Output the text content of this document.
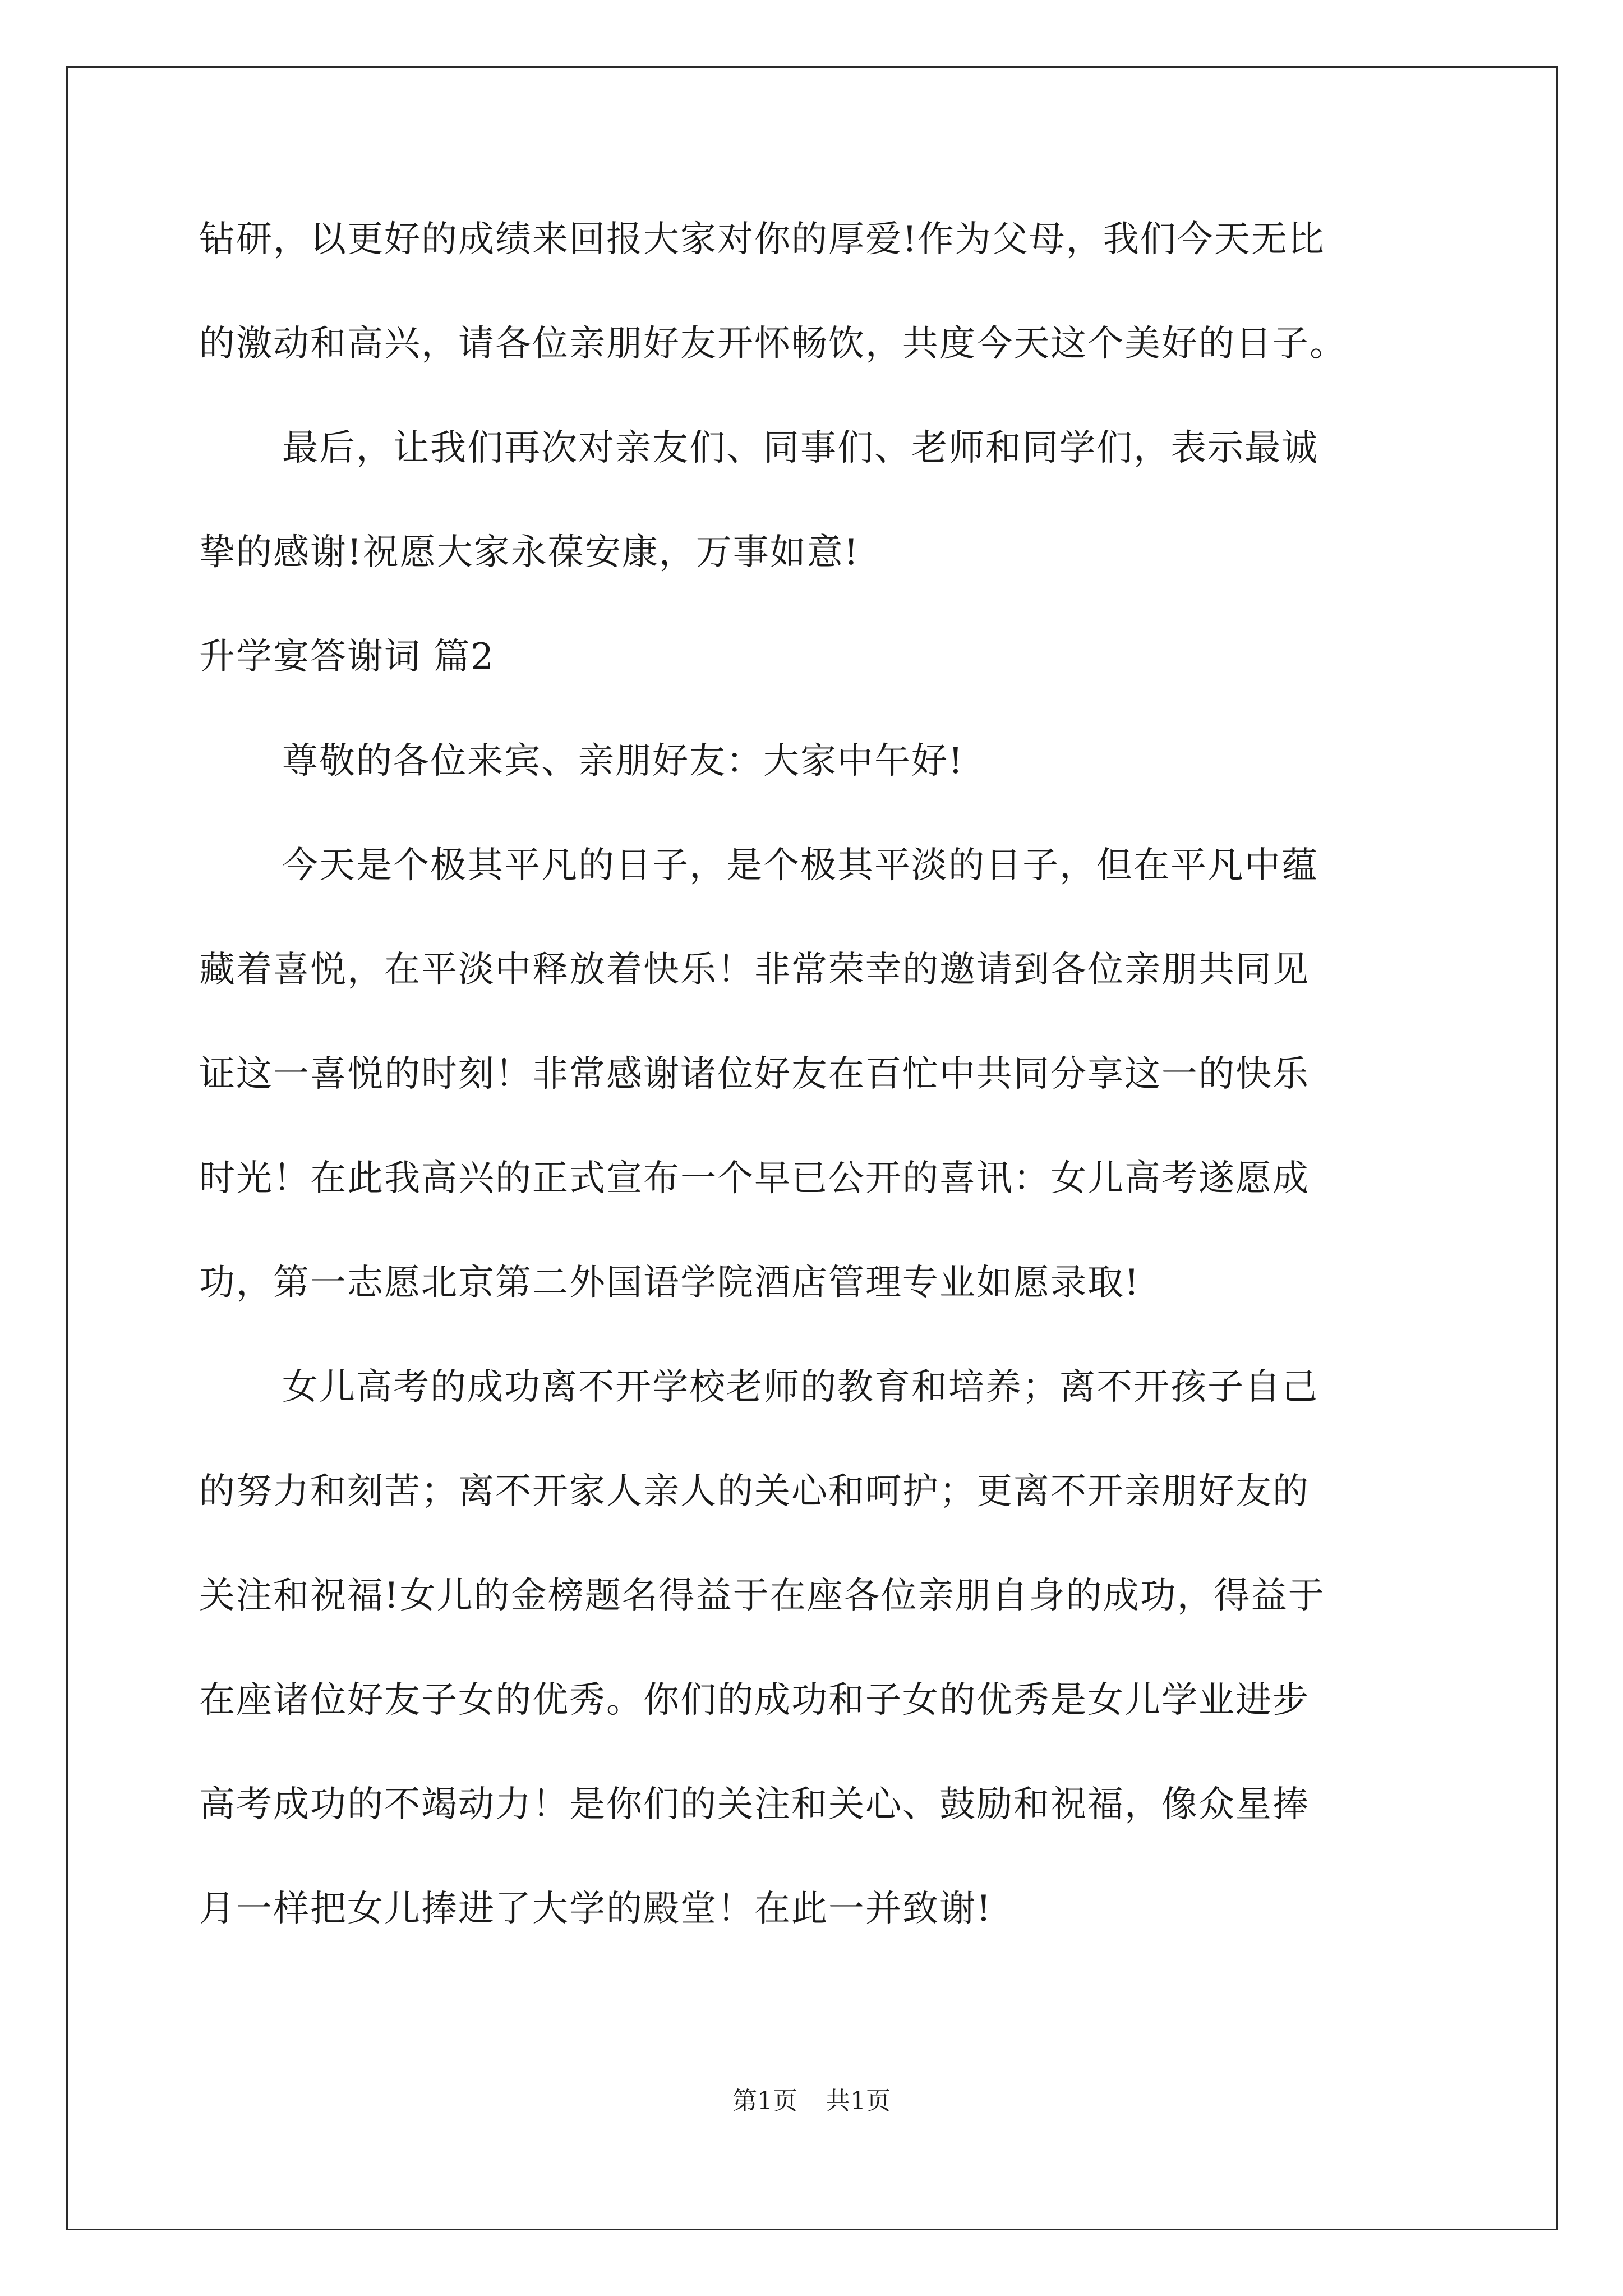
钻研，以更好的成绩来回报大家对你的厚爱!作为父母，我们今天无比
的激动和高兴，请各位亲朋好友开怀畅饮，共度今天这个美好的日子。
最后，让我们再次对亲友们、同事们、老师和同学们，表示最诚
挚的感谢!祝愿大家永葆安康，万事如意!
升学宴答谢词 篇2
尊敬的各位来宾、亲朋好友：大家中午好!
今天是个极其平凡的日子，是个极其平淡的日子，但在平凡中蕴
藏着喜悦，在平淡中释放着快乐！非常荣幸的邀请到各位亲朋共同见
证这一喜悦的时刻！非常感谢诸位好友在百忙中共同分享这一的快乐
时光！在此我高兴的正式宣布一个早已公开的喜讯：女儿高考遂愿成
功，第一志愿北京第二外国语学院酒店管理专业如愿录取!
女儿高考的成功离不开学校老师的教育和培养；离不开孩子自己
的努力和刻苦；离不开家人亲人的关心和呵护；更离不开亲朋好友的
关注和祝福!女儿的金榜题名得益于在座各位亲朋自身的成功，得益于
在座诸位好友子女的优秀。你们的成功和子女的优秀是女儿学业进步
高考成功的不竭动力！是你们的关注和关心、鼓励和祝福，像众星捧
月一样把女儿捧进了大学的殿堂！在此一并致谢!
第1页 共1页
